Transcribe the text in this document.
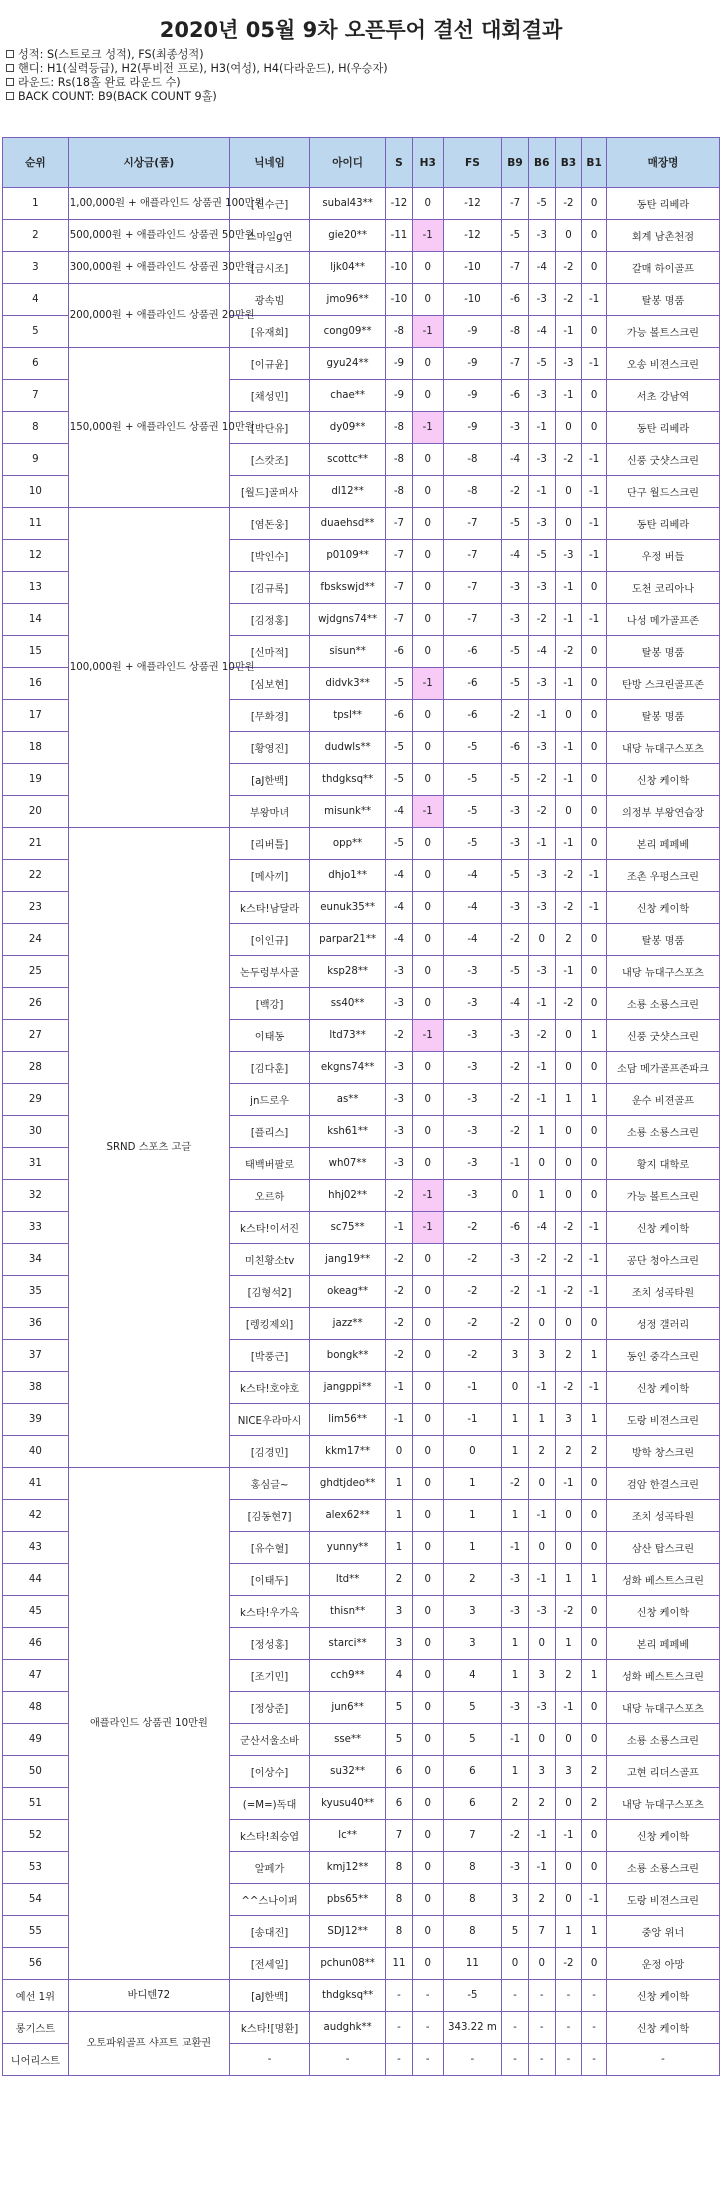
2020년 05월 9차 오픈투어 결선 대회결과
성적: S(스트로크 성적), FS(최종성적)
핸디: H1(실력등급), H2(투비전 프로), H3(여성), H4(다라운드), H(우승자)
라운드: Rs(18홀 완료 라운드 수)
BACK COUNT: B9(BACK COUNT 9홀)
순위	시상금(품)	닉네임	아이디	S	H3	FS	B9	B6	B3	B1	매장명
1	1,00,000원 + 애플라인드 상품권 100만원	[진수근]	subal43**	-12	0	-12	-7	-5	-2	0	동탄 리베라
2	500,000원 + 애플라인드 상품권 50만원	스마일g연	gie20**	-11	-1	-12	-5	-3	0	0	회계 남촌천점
3	300,000원 + 애플라인드 상품권 30만원	[금시조]	ljk04**	-10	0	-10	-7	-4	-2	0	갈매 하이골프
4	200,000원 + 애플라인드 상품권 20만원	광속빔	jmo96**	-10	0	-10	-6	-3	-2	-1	탈봉 명품
5		[유재희]	cong09**	-8	-1	-9	-8	-4	-1	0	가능 볼트스크린
6	150,000원 + 애플라인드 상품권 10만원	[이규윤]	gyu24**	-9	0	-9	-7	-5	-3	-1	오송 비젼스크린
7		[채성민]	chae**	-9	0	-9	-6	-3	-1	0	서초 강남역
8		[박단유]	dy09**	-8	-1	-9	-3	-1	0	0	동탄 리베라
9		[스캇조]	scottc**	-8	0	-8	-4	-3	-2	-1	신풍 굿샷스크린
10		[월드]골퍼사	dl12**	-8	0	-8	-2	-1	0	-1	단구 월드스크린
11	100,000원 + 애플라인드 상품권 10만원	[염돈웅]	duaehsd**	-7	0	-7	-5	-3	0	-1	동탄 리베라
12		[박인수]	p0109**	-7	0	-7	-4	-5	-3	-1	우정 버들
13		[김규록]	fbskswjd**	-7	0	-7	-3	-3	-1	0	도천 코리아나
14		[김정홍]	wjdgns74**	-7	0	-7	-3	-2	-1	-1	나성 메가골프존
15		[신마적]	sisun**	-6	0	-6	-5	-4	-2	0	탈봉 명품
16		[심보현]	didvk3**	-5	-1	-6	-5	-3	-1	0	탄방 스크린골프존
17		[무화경]	tpsl**	-6	0	-6	-2	-1	0	0	탈봉 명품
18		[황영진]	dudwls**	-5	0	-5	-6	-3	-1	0	내당 뉴대구스포츠
19		[aJ한백]	thdgksq**	-5	0	-5	-5	-2	-1	0	신창 케이학
20		부왕마녀	misunk**	-4	-1	-5	-3	-2	0	0	의정부 부왕연습장
21	SRND 스포츠 고글	[리버틀]	opp**	-5	0	-5	-3	-1	-1	0	본리 페페베
22		[메사끼]	dhjo1**	-4	0	-4	-5	-3	-2	-1	조촌 우펑스크린
23		k스타!남달라	eunuk35**	-4	0	-4	-3	-3	-2	-1	신창 케이학
24		[이인규]	parpar21**	-4	0	-4	-2	0	2	0	탈봉 명품
25		논두렁부사골	ksp28**	-3	0	-3	-5	-3	-1	0	내당 뉴대구스포츠
26		[백강]	ss40**	-3	0	-3	-4	-1	-2	0	소룡 소룡스크린
27		이태동	ltd73**	-2	-1	-3	-3	-2	0	1	신풍 굿샷스크린
28		[김다훈]	ekgns74**	-3	0	-3	-2	-1	0	0	소담 메가골프존파크
29		jn드로우	as**	-3	0	-3	-2	-1	1	1	운수 비젼골프
30		[플리스]	ksh61**	-3	0	-3	-2	1	0	0	소룡 소룡스크린
31		태백버팔로	wh07**	-3	0	-3	-1	0	0	0	황지 대학로
32		오르하	hhj02**	-2	-1	-3	0	1	0	0	가능 볼트스크린
33		k스타!이서진	sc75**	-1	-1	-2	-6	-4	-2	-1	신창 케이학
34		미친황소tv	jang19**	-2	0	-2	-3	-2	-2	-1	공단 청아스크린
35		[김형석2]	okeag**	-2	0	-2	-2	-1	-2	-1	조치 성곡타원
36		[렝킹제외]	jazz**	-2	0	-2	-2	0	0	0	성정 갤러리
37		[박풍근]	bongk**	-2	0	-2	3	3	2	1	동인 중각스크린
38		k스타!호야호	jangppi**	-1	0	-1	0	-1	-2	-1	신창 케이학
39		NICE우라마시	lim56**	-1	0	-1	1	1	3	1	도랑 비젼스크린
40		[김경민]	kkm17**	0	0	0	1	2	2	2	방학 창스크린
41	애플라인드 상품권 10만원	홍심글~	ghdtjdeo**	1	0	1	-2	0	-1	0	검암 한결스크린
42		[김동현7]	alex62**	1	0	1	1	-1	0	0	조치 성곡타원
43		[유수혈]	yunny**	1	0	1	-1	0	0	0	삼산 탑스크린
44		[이태두]	ltd**	2	0	2	-3	-1	1	1	성화 베스트스크린
45		k스타!우가옥	thisn**	3	0	3	-3	-3	-2	0	신창 케이학
46		[정성홍]	starci**	3	0	3	1	0	1	0	본리 페페베
47		[조기민]	cch9**	4	0	4	1	3	2	1	성화 베스트스크린
48		[정상준]	jun6**	5	0	5	-3	-3	-1	0	내당 뉴대구스포츠
49		군산서울소바	sse**	5	0	5	-1	0	0	0	소룡 소룡스크린
50		[이상수]	su32**	6	0	6	1	3	3	2	고현 리더스골프
51		(=M=)독대	kyusu40**	6	0	6	2	2	0	2	내당 뉴대구스포츠
52		k스타!최승엽	lc**	7	0	7	-2	-1	-1	0	신창 케이학
53		알페가	kmj12**	8	0	8	-3	-1	0	0	소룡 소룡스크린
54		^^스나이퍼	pbs65**	8	0	8	3	2	0	-1	도랑 비젼스크린
55		[송대진]	SDJ12**	8	0	8	5	7	1	1	중앙 위너
56		[전세일]	pchun08**	11	0	11	0	0	-2	0	운정 아망
예선 1위	바디텐72	[aJ한백]	thdgksq**	-	-	-5	-	-	-	-	신창 케이학
롱기스트	오토파워골프 샤프트 교환권	k스타![명환]	audghk**	-	-	343.22 m	-	-	-	-	신창 케이학
니어리스트		-	-	-	-	-	-	-	-	-	-
